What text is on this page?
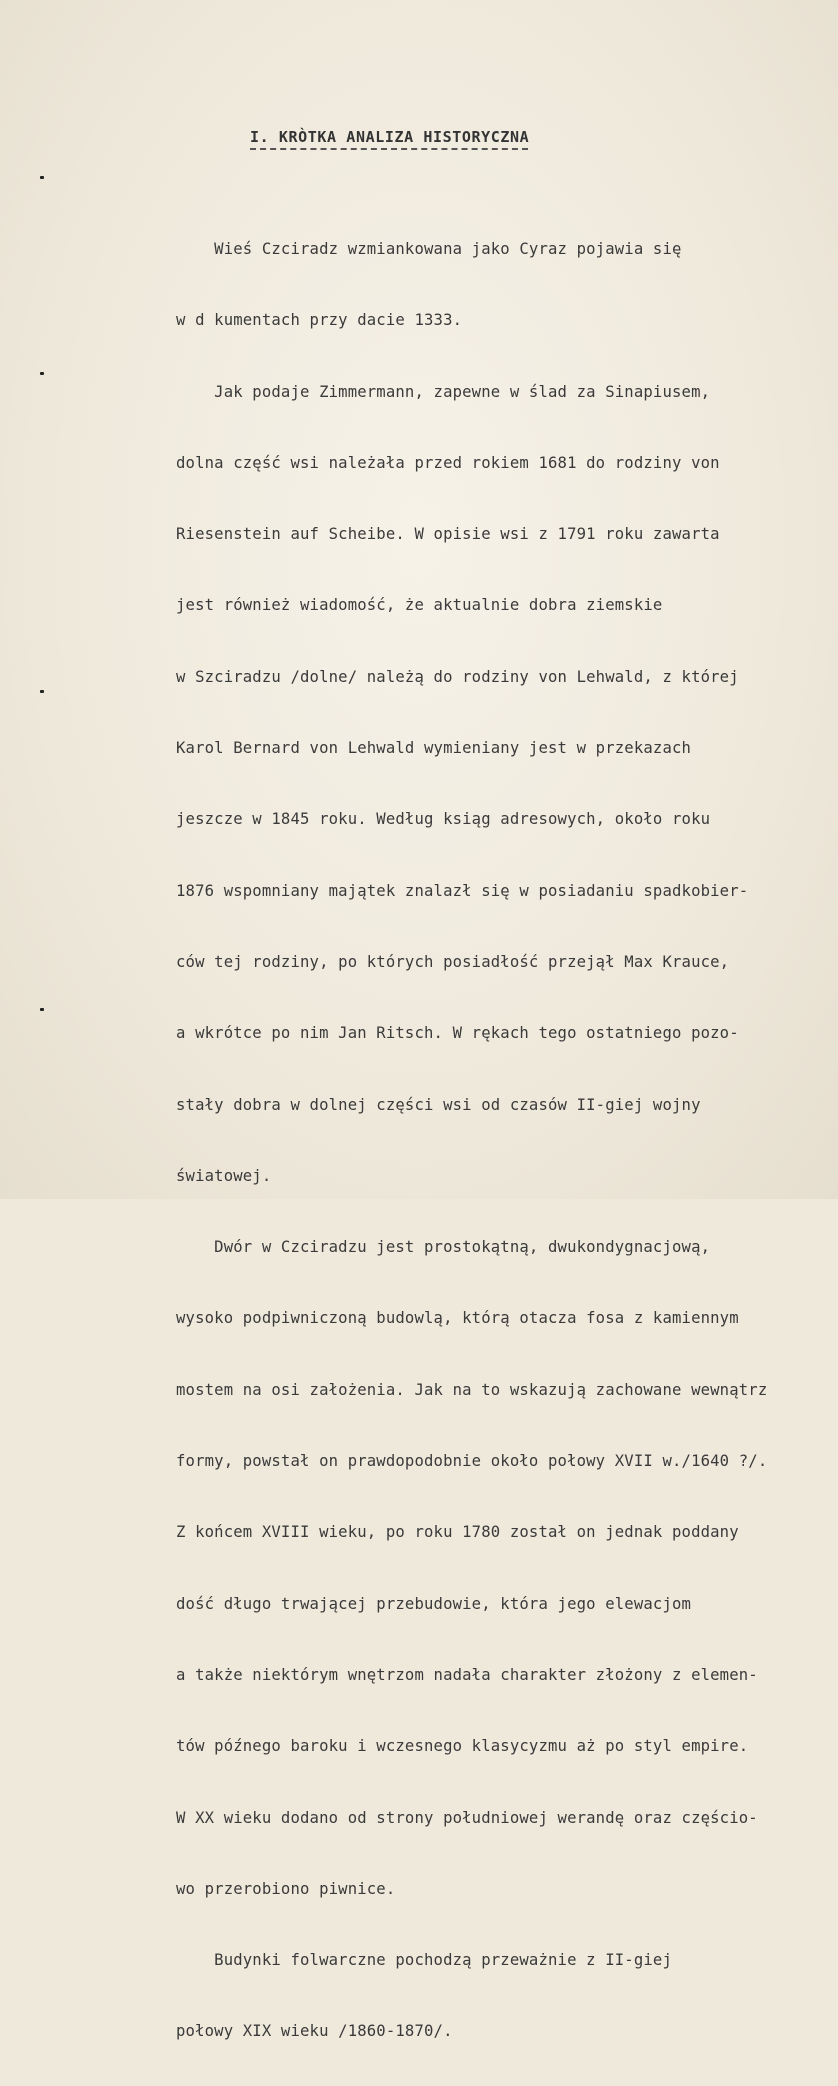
I. KRÒTKA ANALIZA HISTORYCZNA

Wieś Czciradz wzmiankowana jako Cyraz pojawia się

w d kumentach przy dacie 1333.

Jak podaje Zimmermann, zapewne w ślad za Sinapiusem,

dolna część wsi należała przed rokiem 1681 do rodziny von

Riesenstein auf Scheibe. W opisie wsi z 1791 roku zawarta

jest również wiadomość, że aktualnie dobra ziemskie

w Szciradzu /dolne/ należą do rodziny von Lehwald, z której

Karol Bernard von Lehwald wymieniany jest w przekazach

jeszcze w 1845 roku. Według ksiąg adresowych, około roku

1876 wspomniany majątek znalazł się w posiadaniu spadkobier-

ców tej rodziny, po których posiadłość przejął Max Krauce,

a wkrótce po nim Jan Ritsch. W rękach tego ostatniego pozo-

stały dobra w dolnej części wsi od czasów II-giej wojny

światowej.

Dwór w Czciradzu jest prostokątną, dwukondygnacjową,

wysoko podpiwniczoną budowlą, którą otacza fosa z kamiennym

mostem na osi założenia. Jak na to wskazują zachowane wewnątrz

formy, powstał on prawdopodobnie około połowy XVII w./1640 ?/.

Z końcem XVIII wieku, po roku 1780 został on jednak poddany

dość długo trwającej przebudowie, która jego elewacjom

a także niektórym wnętrzom nadała charakter złożony z elemen-

tów późnego baroku i wczesnego klasycyzmu aż po styl empire.

W XX wieku dodano od strony południowej werandę oraz częścio-

wo przerobiono piwnice.

Budynki folwarczne pochodzą przeważnie z II-giej

połowy XIX wieku /1860-1870/.
